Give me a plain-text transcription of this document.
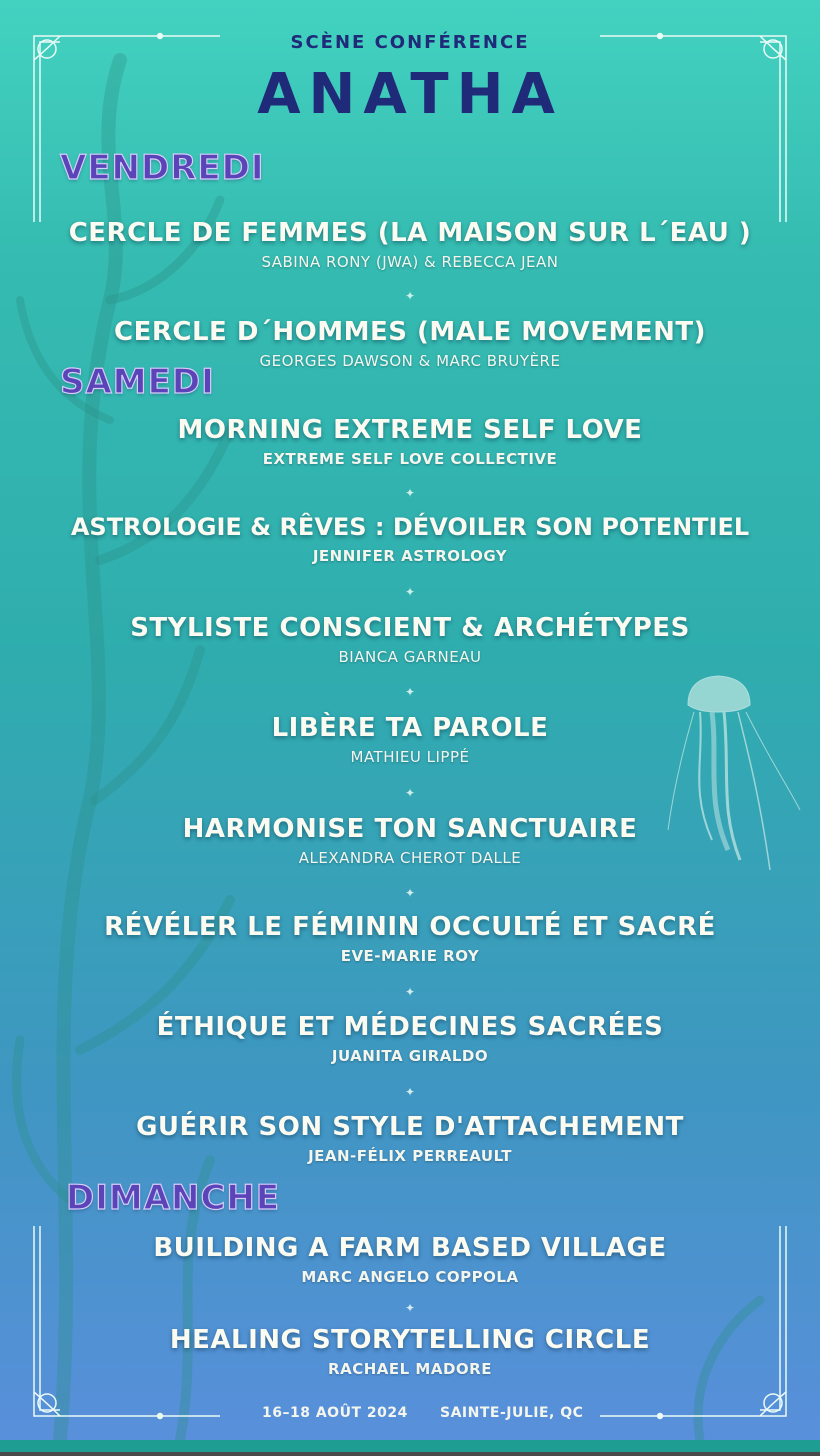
SCÈNE CONFÉRENCE
ANATHA
VENDREDI
CERCLE DE FEMMES (LA MAISON SUR L´EAU )
SABINA RONY (JWA) & REBECCA JEAN
✦
CERCLE D´HOMMES (MALE MOVEMENT)
GEORGES DAWSON & MARC BRUYÈRE
SAMEDI
MORNING EXTREME SELF LOVE
EXTREME SELF LOVE COLLECTIVE
✦
ASTROLOGIE & RÊVES : DÉVOILER SON POTENTIEL
JENNIFER ASTROLOGY
✦
STYLISTE CONSCIENT & ARCHÉTYPES
BIANCA GARNEAU
✦
LIBÈRE TA PAROLE
MATHIEU LIPPÉ
✦
HARMONISE TON SANCTUAIRE
ALEXANDRA CHEROT DALLE
✦
RÉVÉLER LE FÉMININ OCCULTÉ ET SACRÉ
EVE-MARIE ROY
✦
ÉTHIQUE ET MÉDECINES SACRÉES
JUANITA GIRALDO
✦
GUÉRIR SON STYLE D'ATTACHEMENT
JEAN-FÉLIX PERREAULT
DIMANCHE
BUILDING A FARM BASED VILLAGE
MARC ANGELO COPPOLA
✦
HEALING STORYTELLING CIRCLE
RACHAEL MADORE
16–18 AOÛT 2024 SAINTE-JULIE, QC
